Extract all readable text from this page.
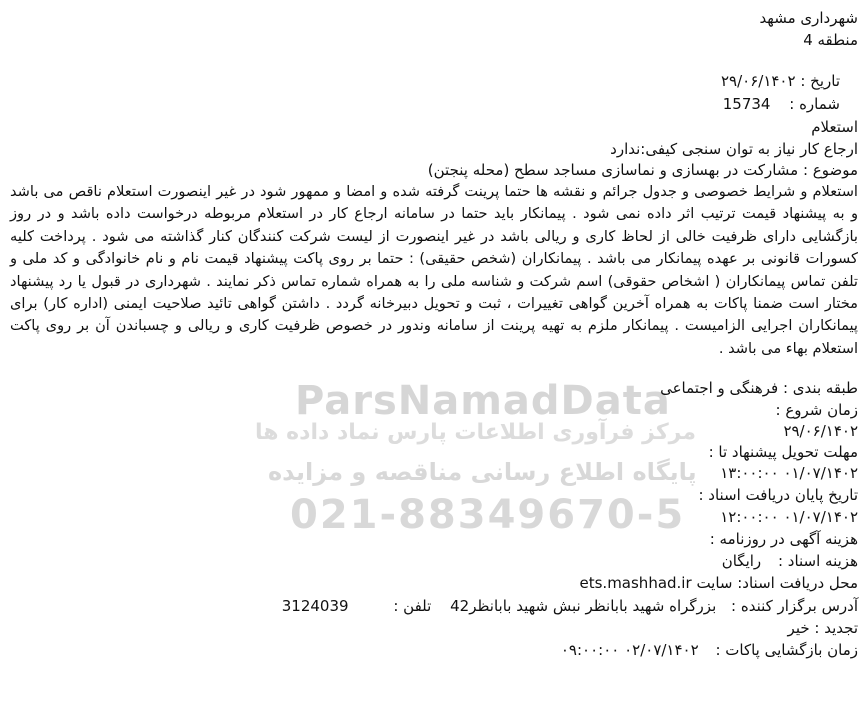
ParsNamadData
مرکز فرآوری اطلاعات پارس نماد داده ها
پایگاه اطلاع رسانی مناقصه و مزایده
021-88349670-5
شهرداری مشهد
منطقه 4
تاریخ : ۲۹/۰۶/۱۴۰۲
شماره : 15734
استعلام
ارجاع کار نیاز به توان سنجی کیفی:ندارد
موضوع : مشارکت در بهسازی و نماسازی مساجد سطح (محله پنجتن)
استعلام و شرایط خصوصی و جدول جرائم و نقشه ها حتما پرینت گرفته شده و امضا و ممهور شود در غیر اینصورت استعلام ناقص می باشد و به پیشنهاد قیمت ترتیب اثر داده نمی شود . پیمانکار باید حتما در سامانه ارجاع کار در استعلام مربوطه درخواست داده باشد و در روز بازگشایی دارای ظرفیت خالی از لحاظ کاری و ریالی باشد در غیر اینصورت از لیست شرکت کنندگان کنار گذاشته می شود . پرداخت کلیه کسورات قانونی بر عهده پیمانکار می باشد . پیمانکاران (شخص حقیقی) : حتما بر روی پاکت پیشنهاد قیمت نام و نام خانوادگی و کد ملی و تلفن تماس پیمانکاران ( اشخاص حقوقی) اسم شرکت و شناسه ملی را به همراه شماره تماس ذکر نمایند . شهرداری در قبول یا رد پیشنهاد مختار است ضمنا پاکات به همراه آخرین گواهی تغییرات ، ثبت و تحویل دبیرخانه گردد . داشتن گواهی تائید صلاحیت ایمنی (اداره کار) برای پیمانکاران اجرایی الزامیست . پیمانکار ملزم به تهیه پرینت از سامانه وندور در خصوص ظرفیت کاری و ریالی و چسباندن آن بر روی پاکت استعلام بهاء می باشد .
طبقه بندی : فرهنگی و اجتماعی
زمان شروع :
۲۹/۰۶/۱۴۰۲
مهلت تحویل پیشنهاد تا :
۰۱/۰۷/۱۴۰۲ ۱۳:۰۰:۰۰
تاریخ پایان دریافت اسناد :
۰۱/۰۷/۱۴۰۲ ۱۲:۰۰:۰۰
هزینه آگهی در روزنامه :
هزینه اسناد : رایگان
محل دریافت اسناد: سایت ets.mashhad.ir
آدرس برگزار کننده : بزرگراه شهید بابانظر نبش شهید بابانظر42 تلفن : 3124039
تجدید : خیر
زمان بازگشایی پاکات : ۰۲/۰۷/۱۴۰۲ ۰۹:۰۰:۰۰
